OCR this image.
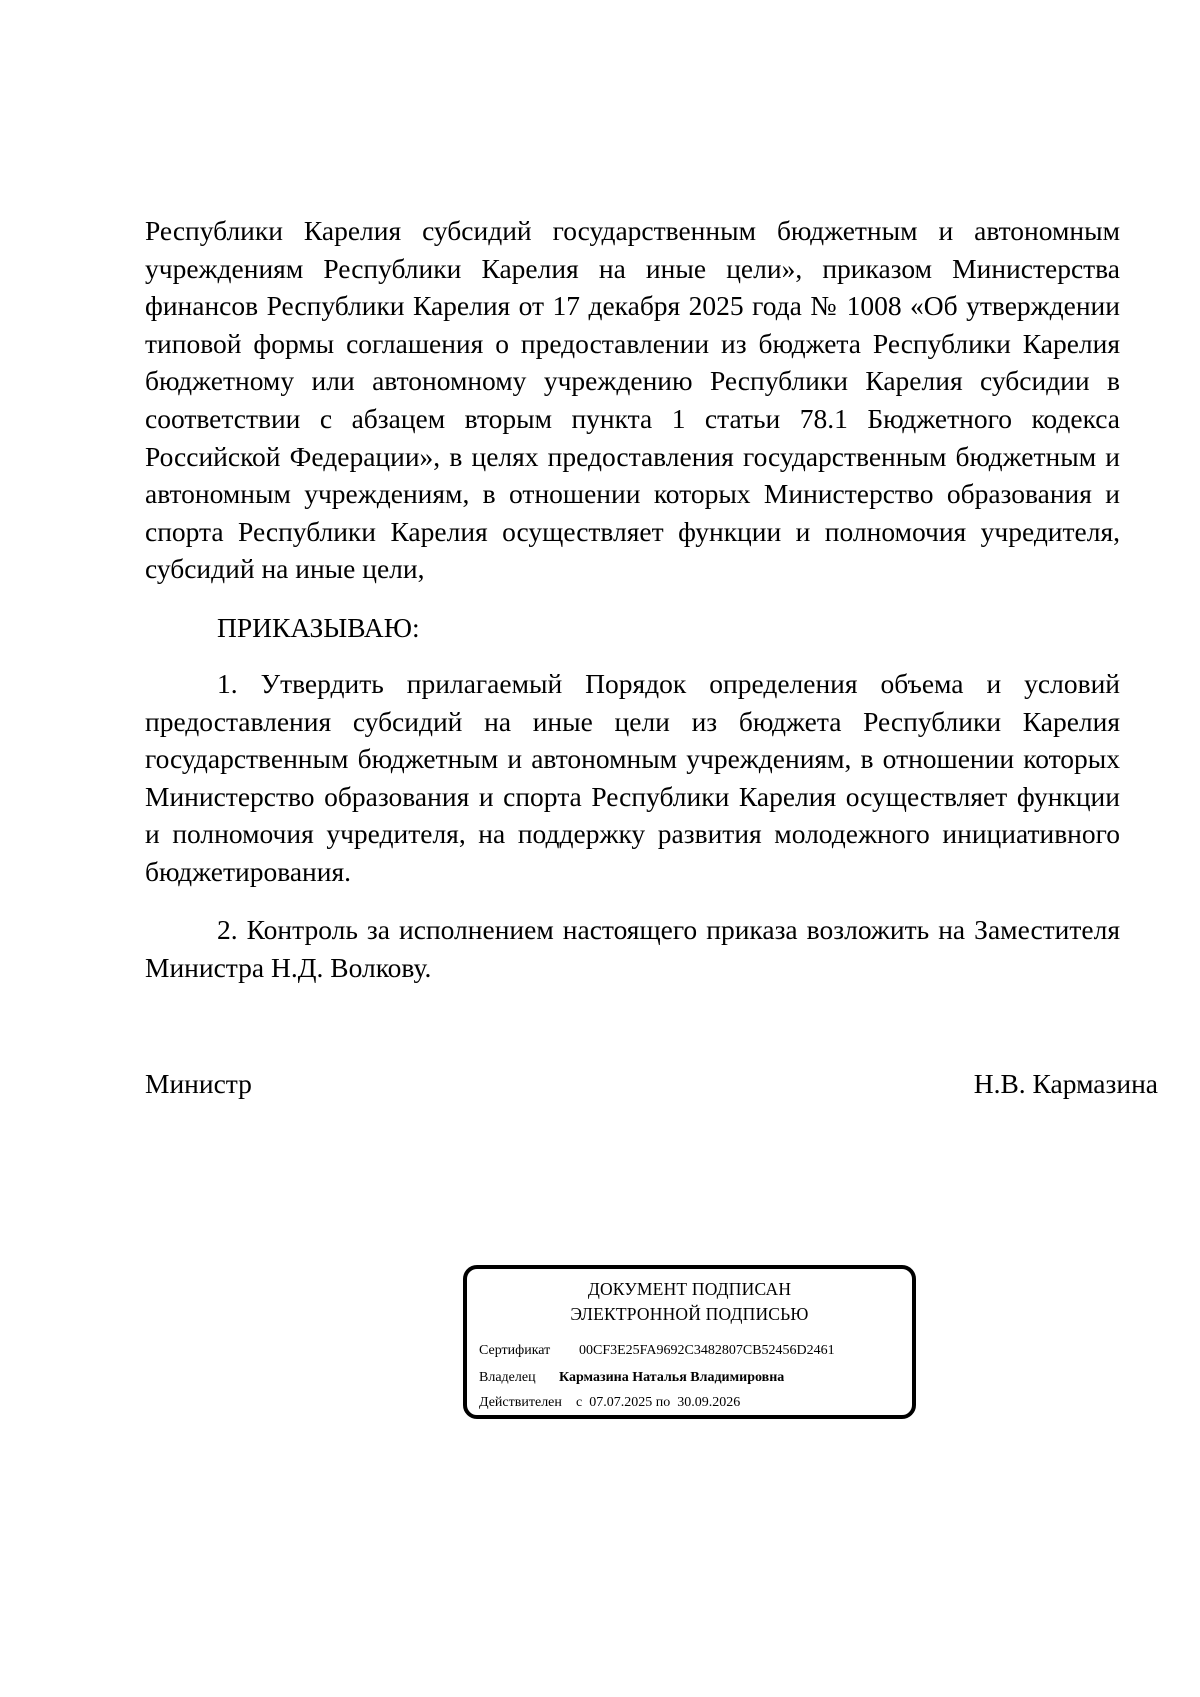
Республики Карелия субсидий государственным бюджетным и автономным учреждениям Республики Карелия на иные цели», приказом Министерства финансов Республики Карелия от 17 декабря 2025 года № 1008 «Об утверждении типовой формы соглашения о предоставлении из бюджета Республики Карелия бюджетному или автономному учреждению Республики Карелия субсидии в соответствии с абзацем вторым пункта 1 статьи 78.1 Бюджетного кодекса Российской Федерации», в целях предоставления государственным бюджетным и автономным учреждениям, в отношении которых Министерство образования и спорта Республики Карелия осуществляет функции и полномочия учредителя, субсидий на иные цели,
ПРИКАЗЫВАЮ:
1. Утвердить прилагаемый Порядок определения объема и условий предоставления субсидий на иные цели из бюджета Республики Карелия государственным бюджетным и автономным учреждениям, в отношении которых Министерство образования и спорта Республики Карелия осуществляет функции и полномочия учредителя, на поддержку развития молодежного инициативного бюджетирования.
2. Контроль за исполнением настоящего приказа возложить на Заместителя Министра Н.Д. Волкову.
Министр	Н.В. Кармазина
ДОКУМЕНТ ПОДПИСАН
ЭЛЕКТРОННОЙ ПОДПИСЬЮ
Сертификат 00CF3E25FA9692C3482807CB52456D2461
Владелец Кармазина Наталья Владимировна
Действителен с  07.07.2025 по  30.09.2026
